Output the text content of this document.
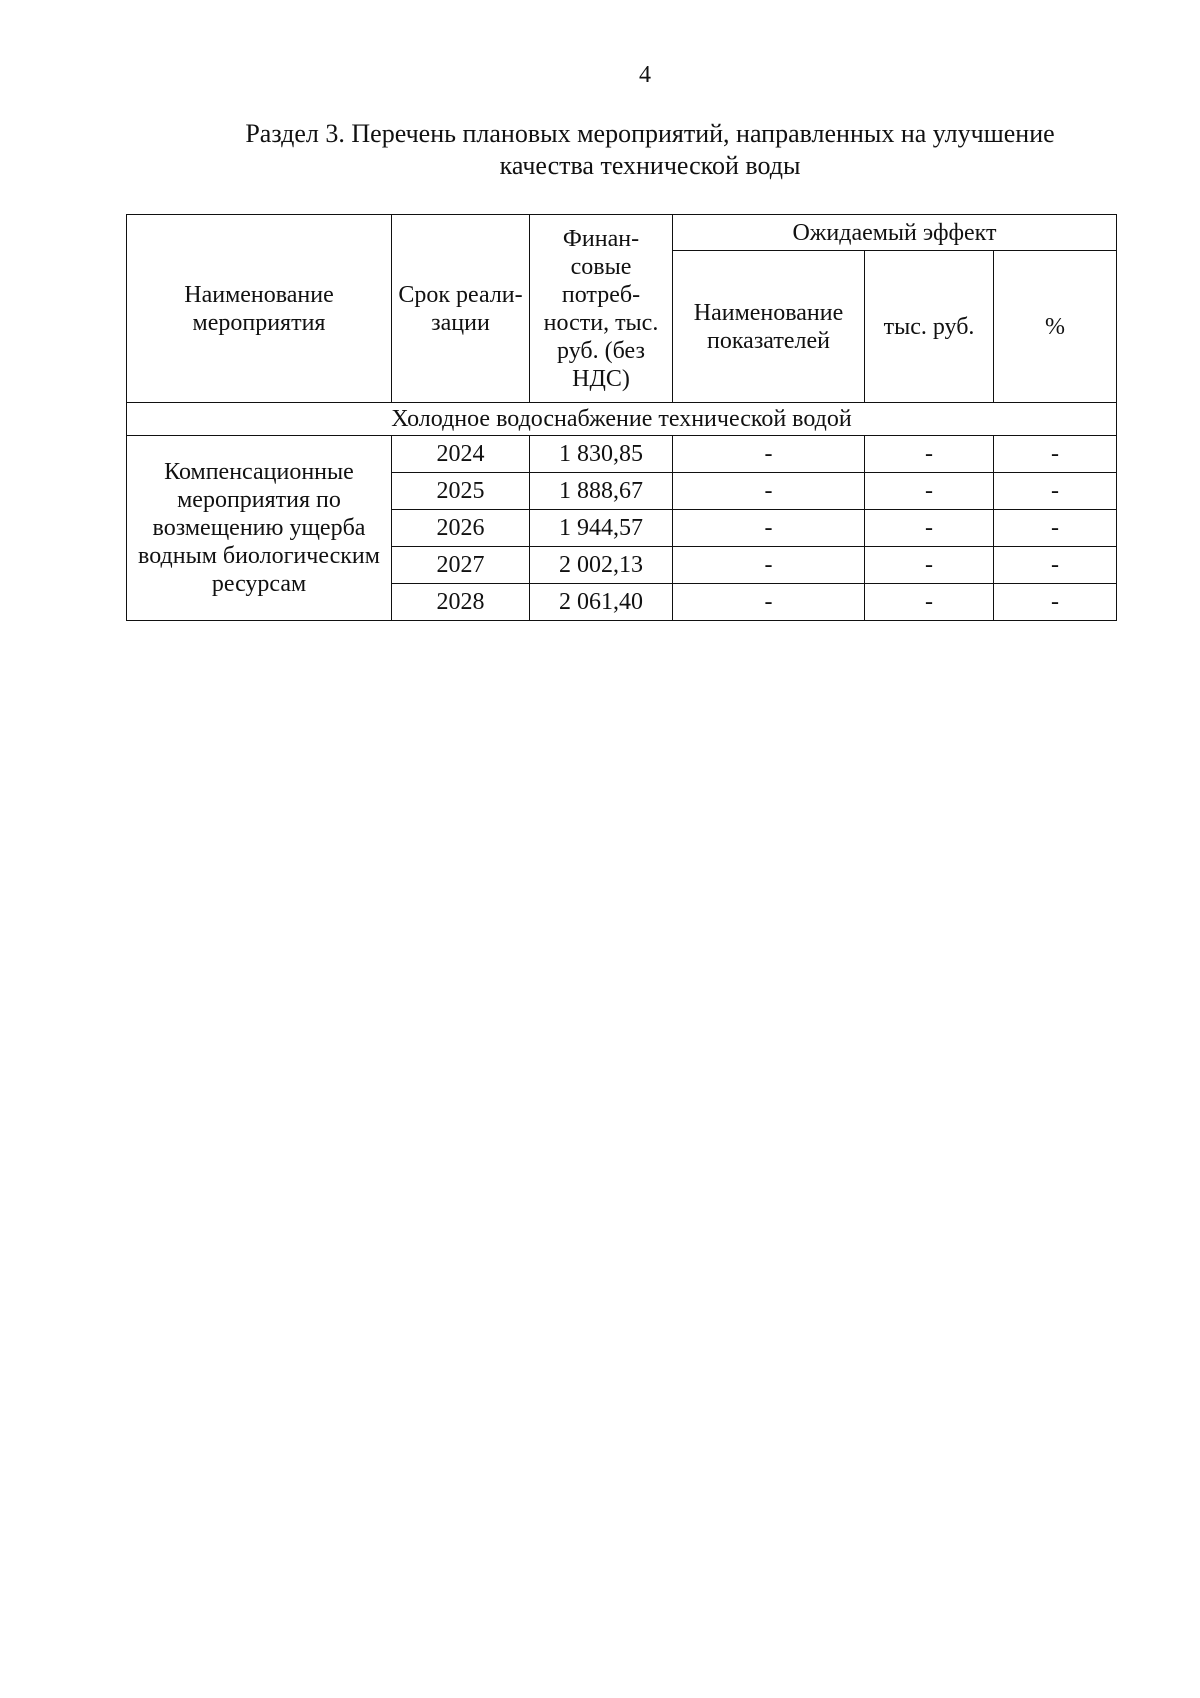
4
Раздел 3. Перечень плановых мероприятий, направленных на улучшение
качества технической воды
Наименование мероприятия	Срок реали-зации	Финан-совые потреб-ности, тыс. руб. (без НДС)	Ожидаемый эффект		
			Наименование показателей	тыс. руб.	%
Холодное водоснабжение технической водой					
Компенсационные мероприятия по возмещению ущерба водным биологическим ресурсам	2024	1 830,85	-	-	-
	2025	1 888,67	-	-	-
	2026	1 944,57	-	-	-
	2027	2 002,13	-	-	-
	2028	2 061,40	-	-	-
